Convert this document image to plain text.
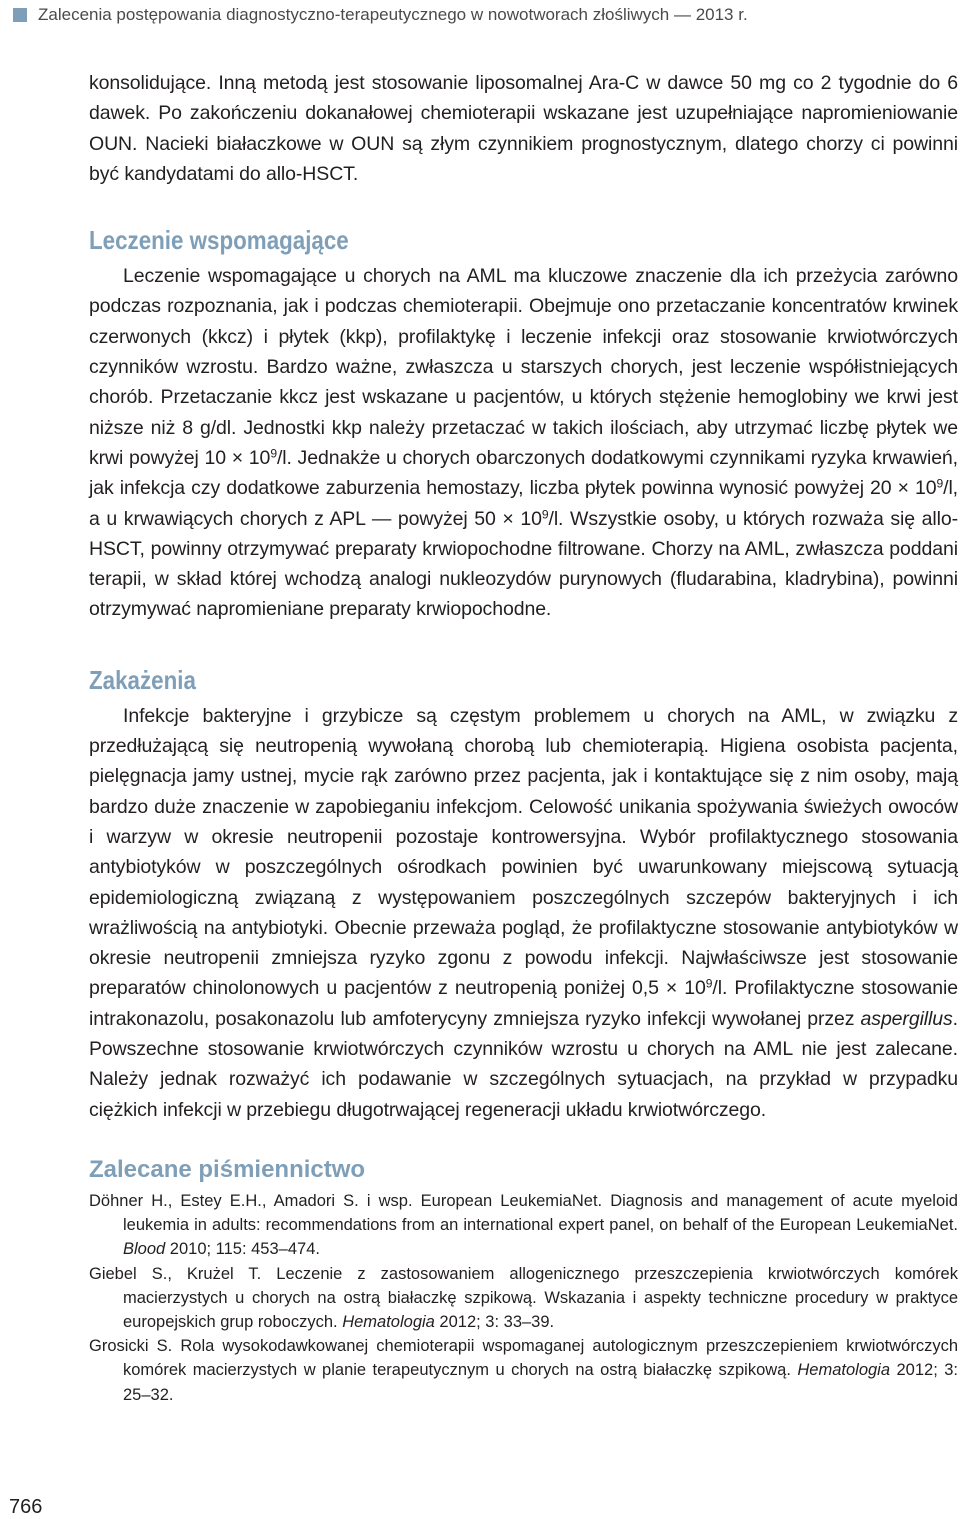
Zalecenia postępowania diagnostyczno-terapeutycznego w nowotworach złośliwych — 2013 r.

konsolidujące. Inną metodą jest stosowanie liposomalnej Ara-C w dawce 50 mg co 2 tygodnie do 6 dawek. Po zakończeniu dokanałowej chemioterapii wskazane jest uzupełniające napromieniowanie OUN. Nacieki białaczkowe w OUN są złym czynnikiem prognostycznym, dlatego chorzy ci powinni być kandydatami do allo-HSCT.

Leczenie wspomagające

Leczenie wspomagające u chorych na AML ma kluczowe znaczenie dla ich przeżycia zarówno podczas rozpoznania, jak i podczas chemioterapii. Obejmuje ono przetaczanie koncentratów krwinek czerwonych (kkcz) i płytek (kkp), profilaktykę i leczenie infekcji oraz stosowanie krwiotwórczych czynników wzrostu. Bardzo ważne, zwłaszcza u starszych chorych, jest leczenie współistniejących chorób. Przetaczanie kkcz jest wskazane u pacjentów, u których stężenie hemoglobiny we krwi jest niższe niż 8 g/dl. Jednostki kkp należy przetaczać w takich ilościach, aby utrzymać liczbę płytek we krwi powyżej $10 \times 10^9/l$. Jednakże u chorych obarczonych dodatkowymi czynnikami ryzyka krwawień, jak infekcja czy dodatkowe zaburzenia hemostazy, liczba płytek powinna wynosić powyżej $20 \times 10^9/l$, a u krwawiących chorych z APL — powyżej $50 \times 10^9/l$. Wszystkie osoby, u których rozważa się allo-HSCT, powinny otrzymywać preparaty krwiopochodne filtrowane. Chorzy na AML, zwłaszcza poddani terapii, w skład której wchodzą analogi nukleozydów purynowych (fludarabina, kladrybina), powinni otrzymywać napromieniane preparaty krwiopochodne.

Zakażenia

Infekcje bakteryjne i grzybicze są częstym problemem u chorych na AML, w związku z przedłużającą się neutropenią wywołaną chorobą lub chemioterapią. Higiena osobista pacjenta, pielęgnacja jamy ustnej, mycie rąk zarówno przez pacjenta, jak i kontaktujące się z nim osoby, mają bardzo duże znaczenie w zapobieganiu infekcjom. Celowość unikania spożywania świeżych owoców i warzyw w okresie neutropenii pozostaje kontrowersyjna. Wybór profilaktycznego stosowania antybiotyków w poszczególnych ośrodkach powinien być uwarunkowany miejscową sytuacją epidemiologiczną związaną z występowaniem poszczególnych szczepów bakteryjnych i ich wrażliwością na antybiotyki. Obecnie przeważa pogląd, że profilaktyczne stosowanie antybiotyków w okresie neutropenii zmniejsza ryzyko zgonu z powodu infekcji. Najwłaściwsze jest stosowanie preparatów chinolonowych u pacjentów z neutropenią poniżej $0,5 \times 10^9/l$. Profilaktyczne stosowanie intrakonazolu, posakonazolu lub amfoterycyny zmniejsza ryzyko infekcji wywołanej przez aspergillus. Powszechne stosowanie krwiotwórczych czynników wzrostu u chorych na AML nie jest zalecane. Należy jednak rozważyć ich podawanie w szczególnych sytuacjach, na przykład w przypadku ciężkich infekcji w przebiegu długotrwającej regeneracji układu krwiotwórczego.

Zalecane piśmiennictwo

Döhner H., Estey E.H., Amadori S. i wsp. European LeukemiaNet. Diagnosis and management of acute myeloid leukemia in adults: recommendations from an international expert panel, on behalf of the European LeukemiaNet. Blood 2010; 115: 453–474.

Giebel S., Krużel T. Leczenie z zastosowaniem allogenicznego przeszczepienia krwiotwórczych komórek macierzystych u chorych na ostrą białaczkę szpikową. Wskazania i aspekty techniczne procedury w praktyce europejskich grup roboczych. Hematologia 2012; 3: 33–39.

Grosicki S. Rola wysokodawkowanej chemioterapii wspomaganej autologicznym przeszczepieniem krwiotwórczych komórek macierzystych w planie terapeutycznym u chorych na ostrą białaczkę szpikową. Hematologia 2012; 3: 25–32.

766
